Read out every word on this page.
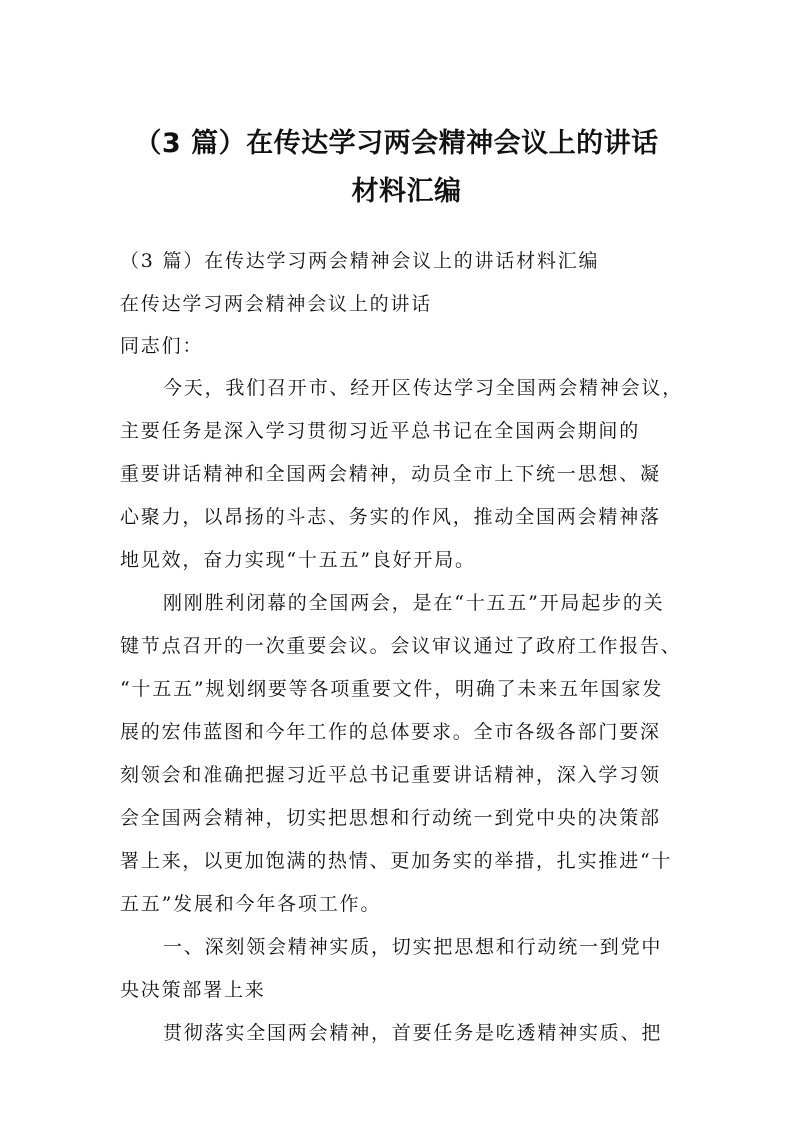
（3 篇）在传达学习两会精神会议上的讲话
材料汇编
（3 篇）在传达学习两会精神会议上的讲话材料汇编
在传达学习两会精神会议上的讲话
同志们：
今天，我们召开市、经开区传达学习全国两会精神会议，
主要任务是深入学习贯彻习近平总书记在全国两会期间的
重要讲话精神和全国两会精神，动员全市上下统一思想、凝
心聚力，以昂扬的斗志、务实的作风，推动全国两会精神落
地见效，奋力实现“十五五”良好开局。
刚刚胜利闭幕的全国两会，是在“十五五”开局起步的关
键节点召开的一次重要会议。会议审议通过了政府工作报告、
“十五五”规划纲要等各项重要文件，明确了未来五年国家发
展的宏伟蓝图和今年工作的总体要求。全市各级各部门要深
刻领会和准确把握习近平总书记重要讲话精神，深入学习领
会全国两会精神，切实把思想和行动统一到党中央的决策部
署上来，以更加饱满的热情、更加务实的举措，扎实推进“十
五五”发展和今年各项工作。
一、深刻领会精神实质，切实把思想和行动统一到党中
央决策部署上来
贯彻落实全国两会精神，首要任务是吃透精神实质、把
